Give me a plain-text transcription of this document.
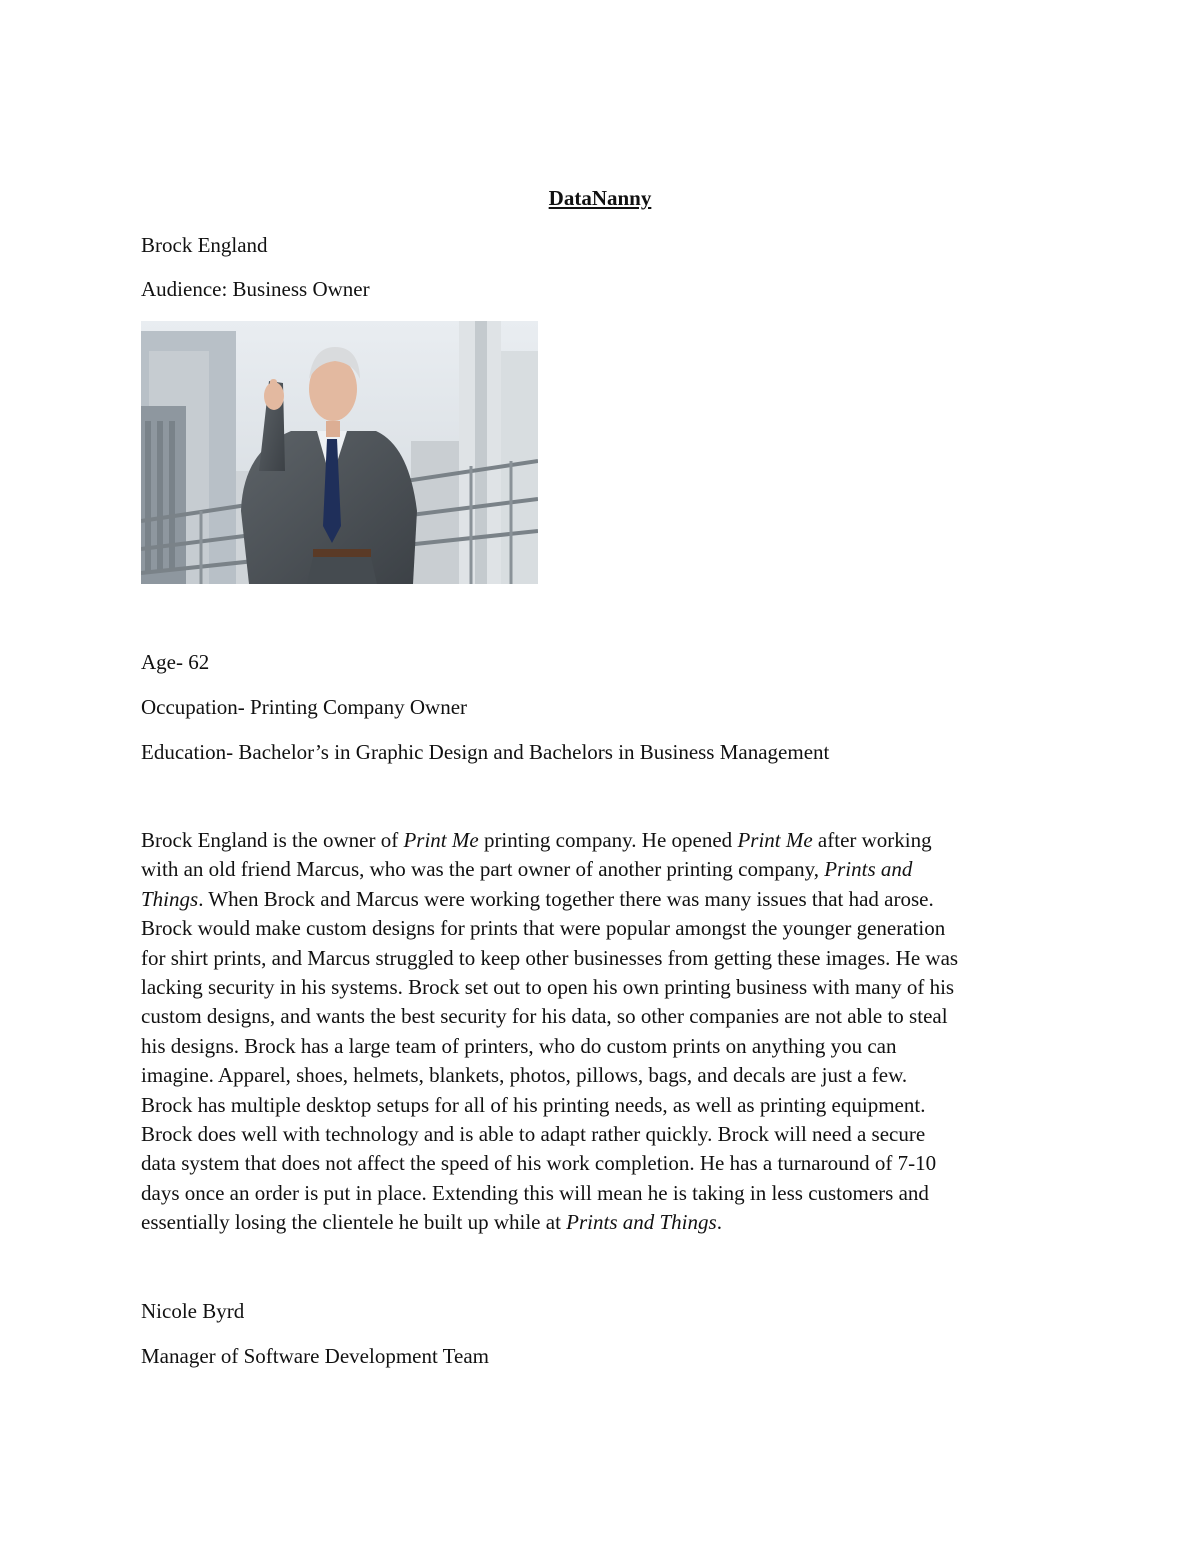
DataNanny
Brock England
Audience: Business Owner
Age- 62
Occupation- Printing Company Owner
Education- Bachelor’s in Graphic Design and Bachelors in Business Management

Brock England is the owner of Print Me printing company. He opened Print Me after working

with an old friend Marcus, who was the part owner of another printing company, Prints and

Things. When Brock and Marcus were working together there was many issues that had arose.

Brock would make custom designs for prints that were popular amongst the younger generation

for shirt prints, and Marcus struggled to keep other businesses from getting these images. He was

lacking security in his systems. Brock set out to open his own printing business with many of his

custom designs, and wants the best security for his data, so other companies are not able to steal

his designs. Brock has a large team of printers, who do custom prints on anything you can

imagine. Apparel, shoes, helmets, blankets, photos, pillows, bags, and decals are just a few.

Brock has multiple desktop setups for all of his printing needs, as well as printing equipment.

Brock does well with technology and is able to adapt rather quickly. Brock will need a secure

data system that does not affect the speed of his work completion. He has a turnaround of 7-10

days once an order is put in place. Extending this will mean he is taking in less customers and

essentially losing the clientele he built up while at Prints and Things.

Nicole Byrd
Manager of Software Development Team
